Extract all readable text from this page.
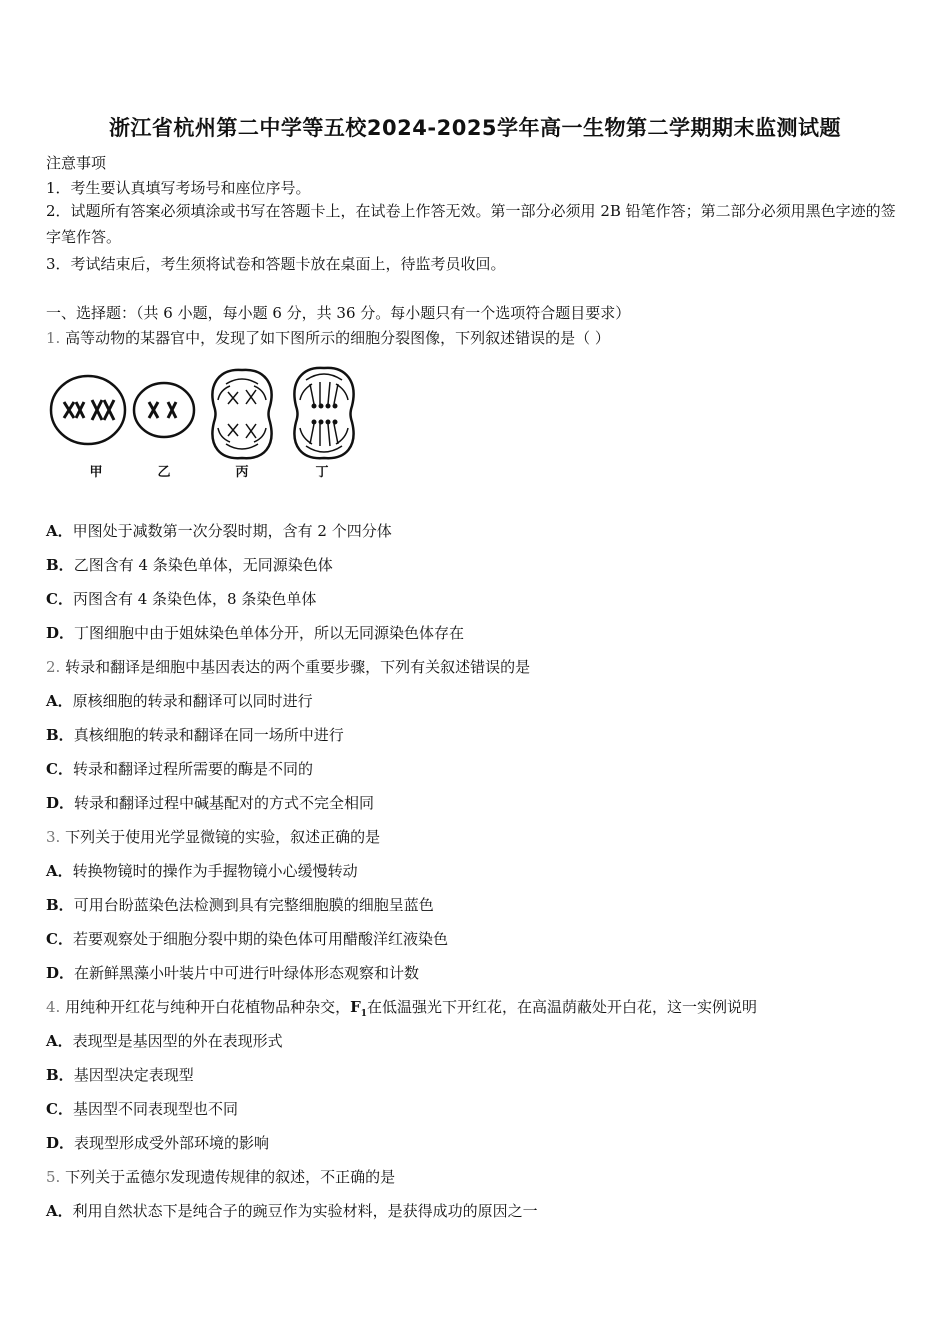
浙江省杭州第二中学等五校2024-2025学年高一生物第二学期期末监测试题
注意事项
1．考生要认真填写考场号和座位序号。
2．试题所有答案必须填涂或书写在答题卡上，在试卷上作答无效。第一部分必须用 2B 铅笔作答；第二部分必须用黑色字迹的签字笔作答。
3．考试结束后，考生须将试卷和答题卡放在桌面上，待监考员收回。
一、选择题：（共 6 小题，每小题 6 分，共 36 分。每小题只有一个选项符合题目要求）
1. 高等动物的某器官中，发现了如下图所示的细胞分裂图像，下列叙述错误的是（ ）
甲	乙	丙	丁
A．甲图处于减数第一次分裂时期，含有 2 个四分体
B．乙图含有 4 条染色单体，无同源染色体
C．丙图含有 4 条染色体，8 条染色单体
D．丁图细胞中由于姐妹染色单体分开，所以无同源染色体存在
2. 转录和翻译是细胞中基因表达的两个重要步骤，下列有关叙述错误的是
A．原核细胞的转录和翻译可以同时进行
B．真核细胞的转录和翻译在同一场所中进行
C．转录和翻译过程所需要的酶是不同的
D．转录和翻译过程中碱基配对的方式不完全相同
3. 下列关于使用光学显微镜的实验，叙述正确的是
A．转换物镜时的操作为手握物镜小心缓慢转动
B．可用台盼蓝染色法检测到具有完整细胞膜的细胞呈蓝色
C．若要观察处于细胞分裂中期的染色体可用醋酸洋红液染色
D．在新鲜黑藻小叶装片中可进行叶绿体形态观察和计数
4. 用纯种开红花与纯种开白花植物品种杂交，$F_1$在低温强光下开红花，在高温荫蔽处开白花，这一实例说明
A．表现型是基因型的外在表现形式
B．基因型决定表现型
C．基因型不同表现型也不同
D．表现型形成受外部环境的影响
5. 下列关于孟德尔发现遗传规律的叙述，不正确的是
A．利用自然状态下是纯合子的豌豆作为实验材料，是获得成功的原因之一
